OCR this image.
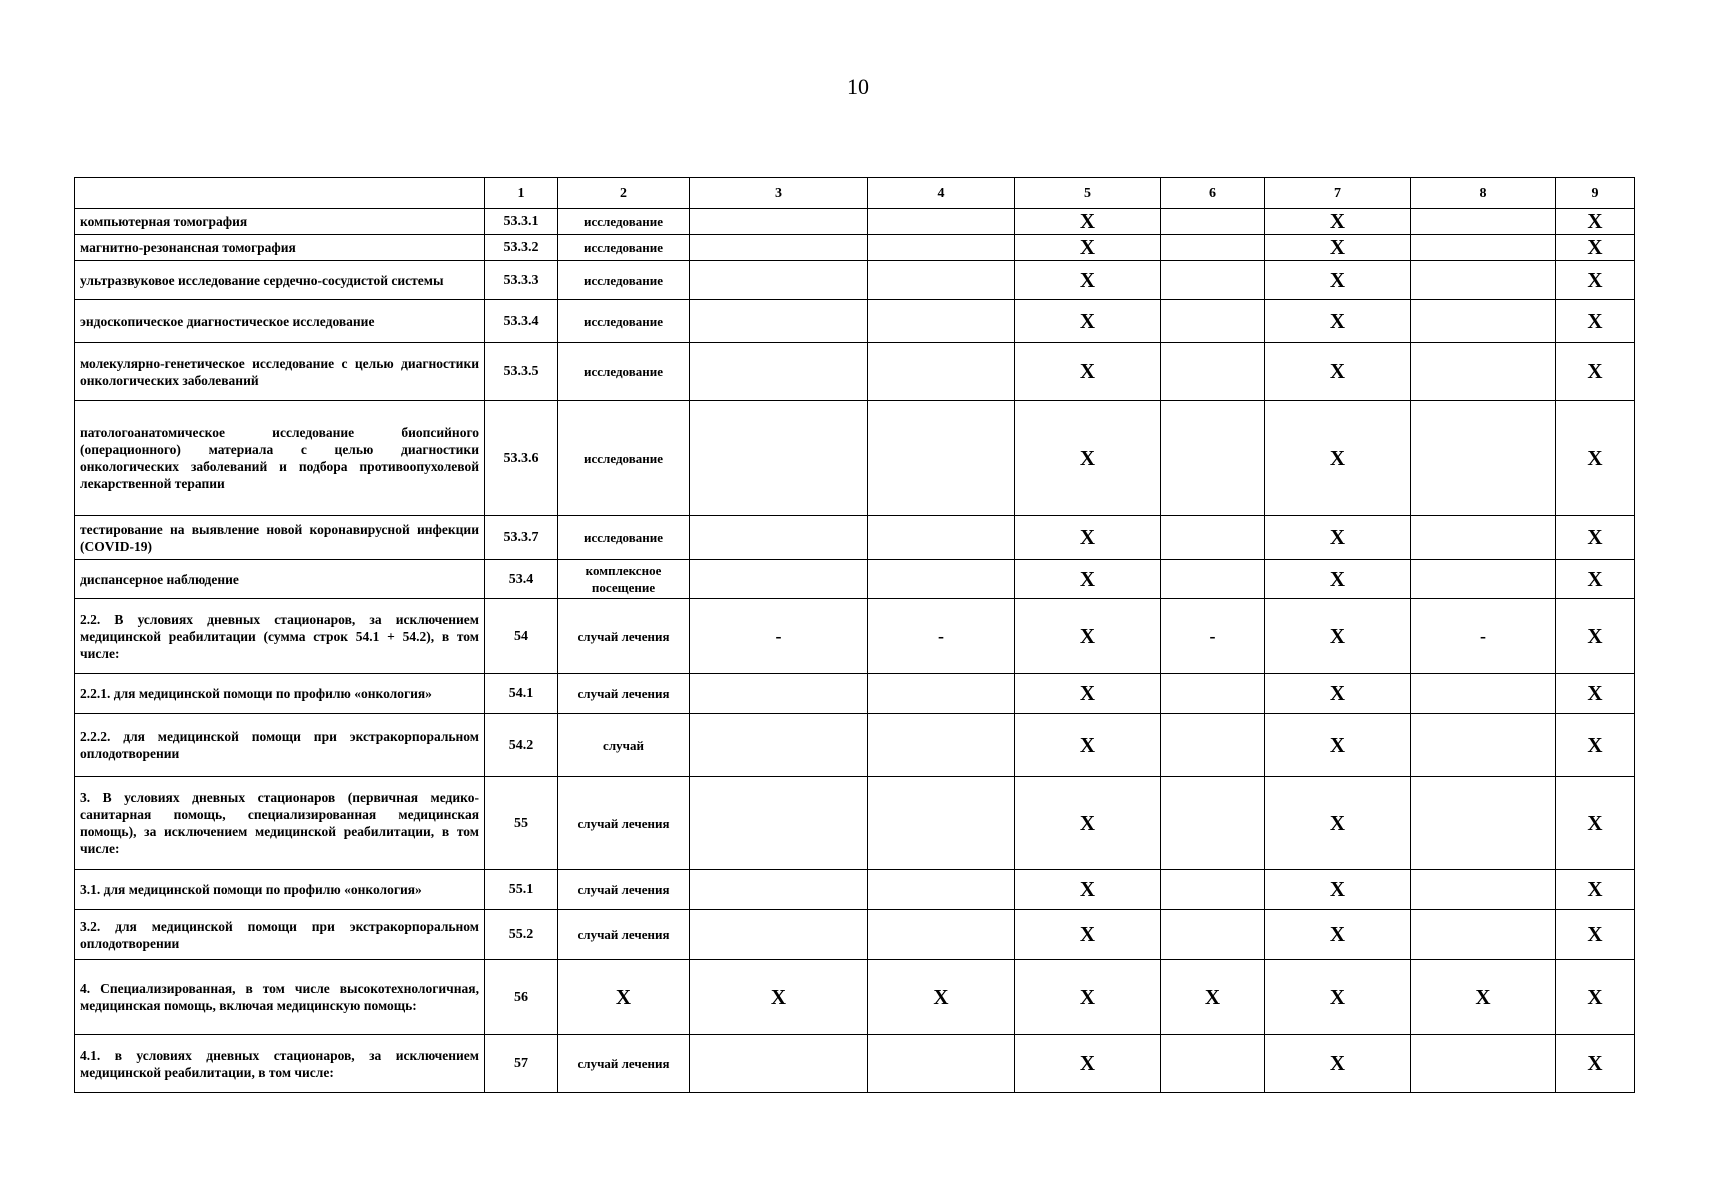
10
	1	2	3	4	5	6	7	8	9
компьютерная томография	53.3.1	исследование			X		X		X
магнитно-резонансная томография	53.3.2	исследование			X		X		X
ультразвуковое исследование сердечно-сосудистой системы	53.3.3	исследование			X		X		X
эндоскопическое диагностическое исследование	53.3.4	исследование			X		X		X
молекулярно-генетическое исследование с целью диагностики онкологических заболеваний	53.3.5	исследование			X		X		X
патологоанатомическое исследование биопсийного (операционного) материала с целью диагностики онкологических заболеваний и подбора противоопухолевой лекарственной терапии	53.3.6	исследование			X		X		X
тестирование на выявление новой коронавирусной инфекции (COVID-19)	53.3.7	исследование			X		X		X
диспансерное наблюдение	53.4	комплексное посещение			X		X		X
2.2. В условиях дневных стационаров, за исключением медицинской реабилитации (сумма строк 54.1 + 54.2), в том числе:	54	случай лечения	-	-	X	-	X	-	X
2.2.1. для медицинской помощи по профилю «онкология»	54.1	случай лечения			X		X		X
2.2.2. для медицинской помощи при экстракорпоральном оплодотворении	54.2	случай			X		X		X
3. В условиях дневных стационаров (первичная медико-санитарная помощь, специализированная медицинская помощь), за исключением медицинской реабилитации, в том числе:	55	случай лечения			X		X		X
3.1. для медицинской помощи по профилю «онкология»	55.1	случай лечения			X		X		X
3.2. для медицинской помощи при экстракорпоральном оплодотворении	55.2	случай лечения			X		X		X
4. Специализированная, в том числе высокотехнологичная, медицинская помощь, включая медицинскую помощь:	56	X	X	X	X	X	X	X	X
4.1. в условиях дневных стационаров, за исключением медицинской реабилитации, в том числе:	57	случай лечения			X		X		X
